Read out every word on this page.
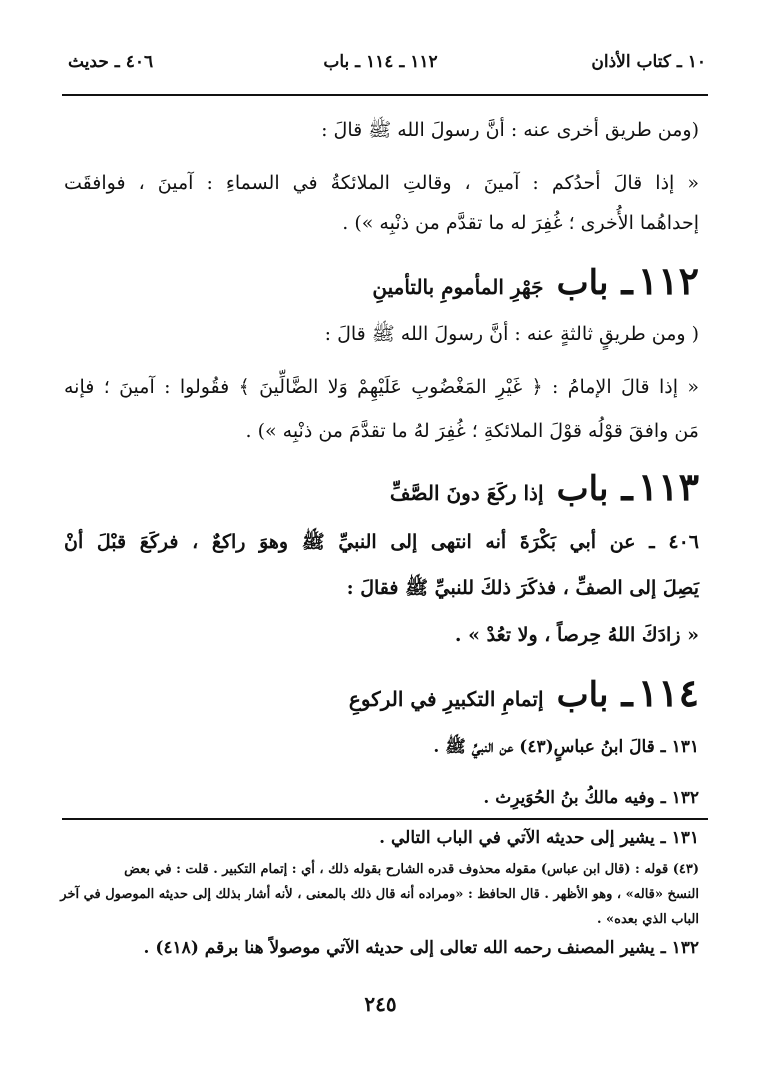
١٠ ـ كتاب الأذان
١١٢ ـ ١١٤ ـ باب
٤٠٦ ـ حديث
(ومن طريق أخرى عنه : أنَّ رسولَ الله ﷺ قالَ :
« إذا قالَ أحدُكم : آمينَ ، وقالتِ الملائكةُ في السماءِ : آمينَ ، فوافقَت
إحداهُما الأُخرى ؛ غُفِرَ له ما تقدَّم من ذنْبِه ») .
١١٢ ـ باب جَهْرِ المأمومِ بالتأمينِ
( ومن طريقٍ ثالثةٍ عنه : أنَّ رسولَ الله ﷺ قالَ :
« إذا قالَ الإمامُ : ﴿ غَيْرِ المَغْضُوبِ عَلَيْهِمْ وَلا الضَّالِّينَ ﴾ فقُولوا : آمينَ ؛ فإنه
مَن وافقَ قوْلُه قوْلَ الملائكةِ ؛ غُفِرَ لهُ ما تقدَّمَ من ذنْبِه ») .
١١٣ ـ باب إذا ركَعَ دونَ الصَّفِّ
٤٠٦ ـ عن أبي بَكْرَةَ أنه انتهى إلى النبيِّ ﷺ وهوَ راكعٌ ، فركَعَ قبْلَ أنْ
يَصِلَ إلى الصفِّ ، فذكَرَ ذلكَ للنبيِّ ﷺ فقالَ :
« زادَكَ اللهُ حِرصاً ، ولا تعُدْ » .
١١٤ ـ باب إتمامِ التكبيرِ في الركوعِ
١٣١ ـ قالَ ابنُ عباسٍ(٤٣) عن النبيِّ ﷺ .
١٣٢ ـ وفيه مالكُ بنُ الحُوَيرِث .
١٣١ ـ يشير إلى حديثه الآتي في الباب التالي .
(٤٣) قوله : (قال ابن عباس) مقوله محذوف قدره الشارح بقوله ذلك ، أي : إتمام التكبير . قلت : في بعض
النسخ «قاله» ، وهو الأظهر . قال الحافظ : «ومراده أنه قال ذلك بالمعنى ، لأنه أشار بذلك إلى حديثه الموصول في آخر
الباب الذي بعده» .
١٣٢ ـ يشير المصنف رحمه الله تعالى إلى حديثه الآتي موصولاً هنا برقم (٤١٨) .
٢٤٥
